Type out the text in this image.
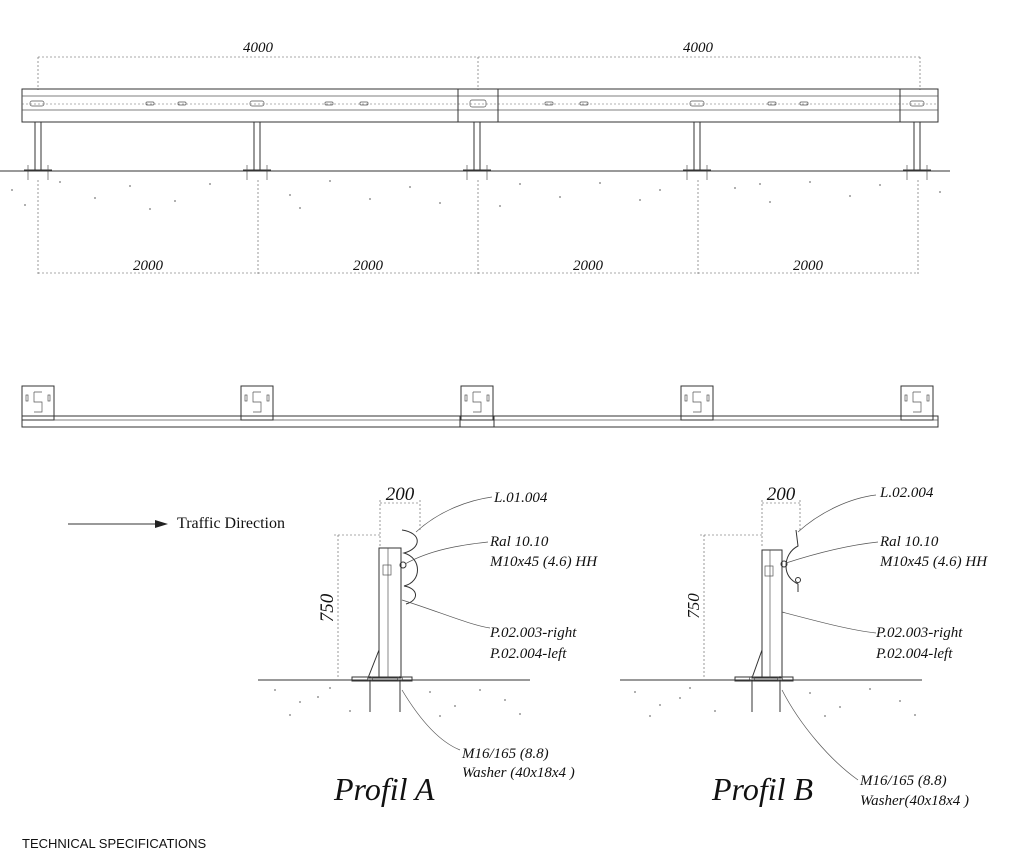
4000	4000
2000	2000	2000	2000
Traffic Direction
200
750
L.01.004
Ral 10.10
M10x45 (4.6) HH
P.02.003-right
P.02.004-left
M16/165 (8.8)
Washer (40x18x4 )
Profil A
200
750
L.02.004
Ral 10.10
M10x45 (4.6) HH
P.02.003-right
P.02.004-left
M16/165 (8.8)
Washer(40x18x4 )
Profil B
TECHNICAL SPECIFICATIONS
